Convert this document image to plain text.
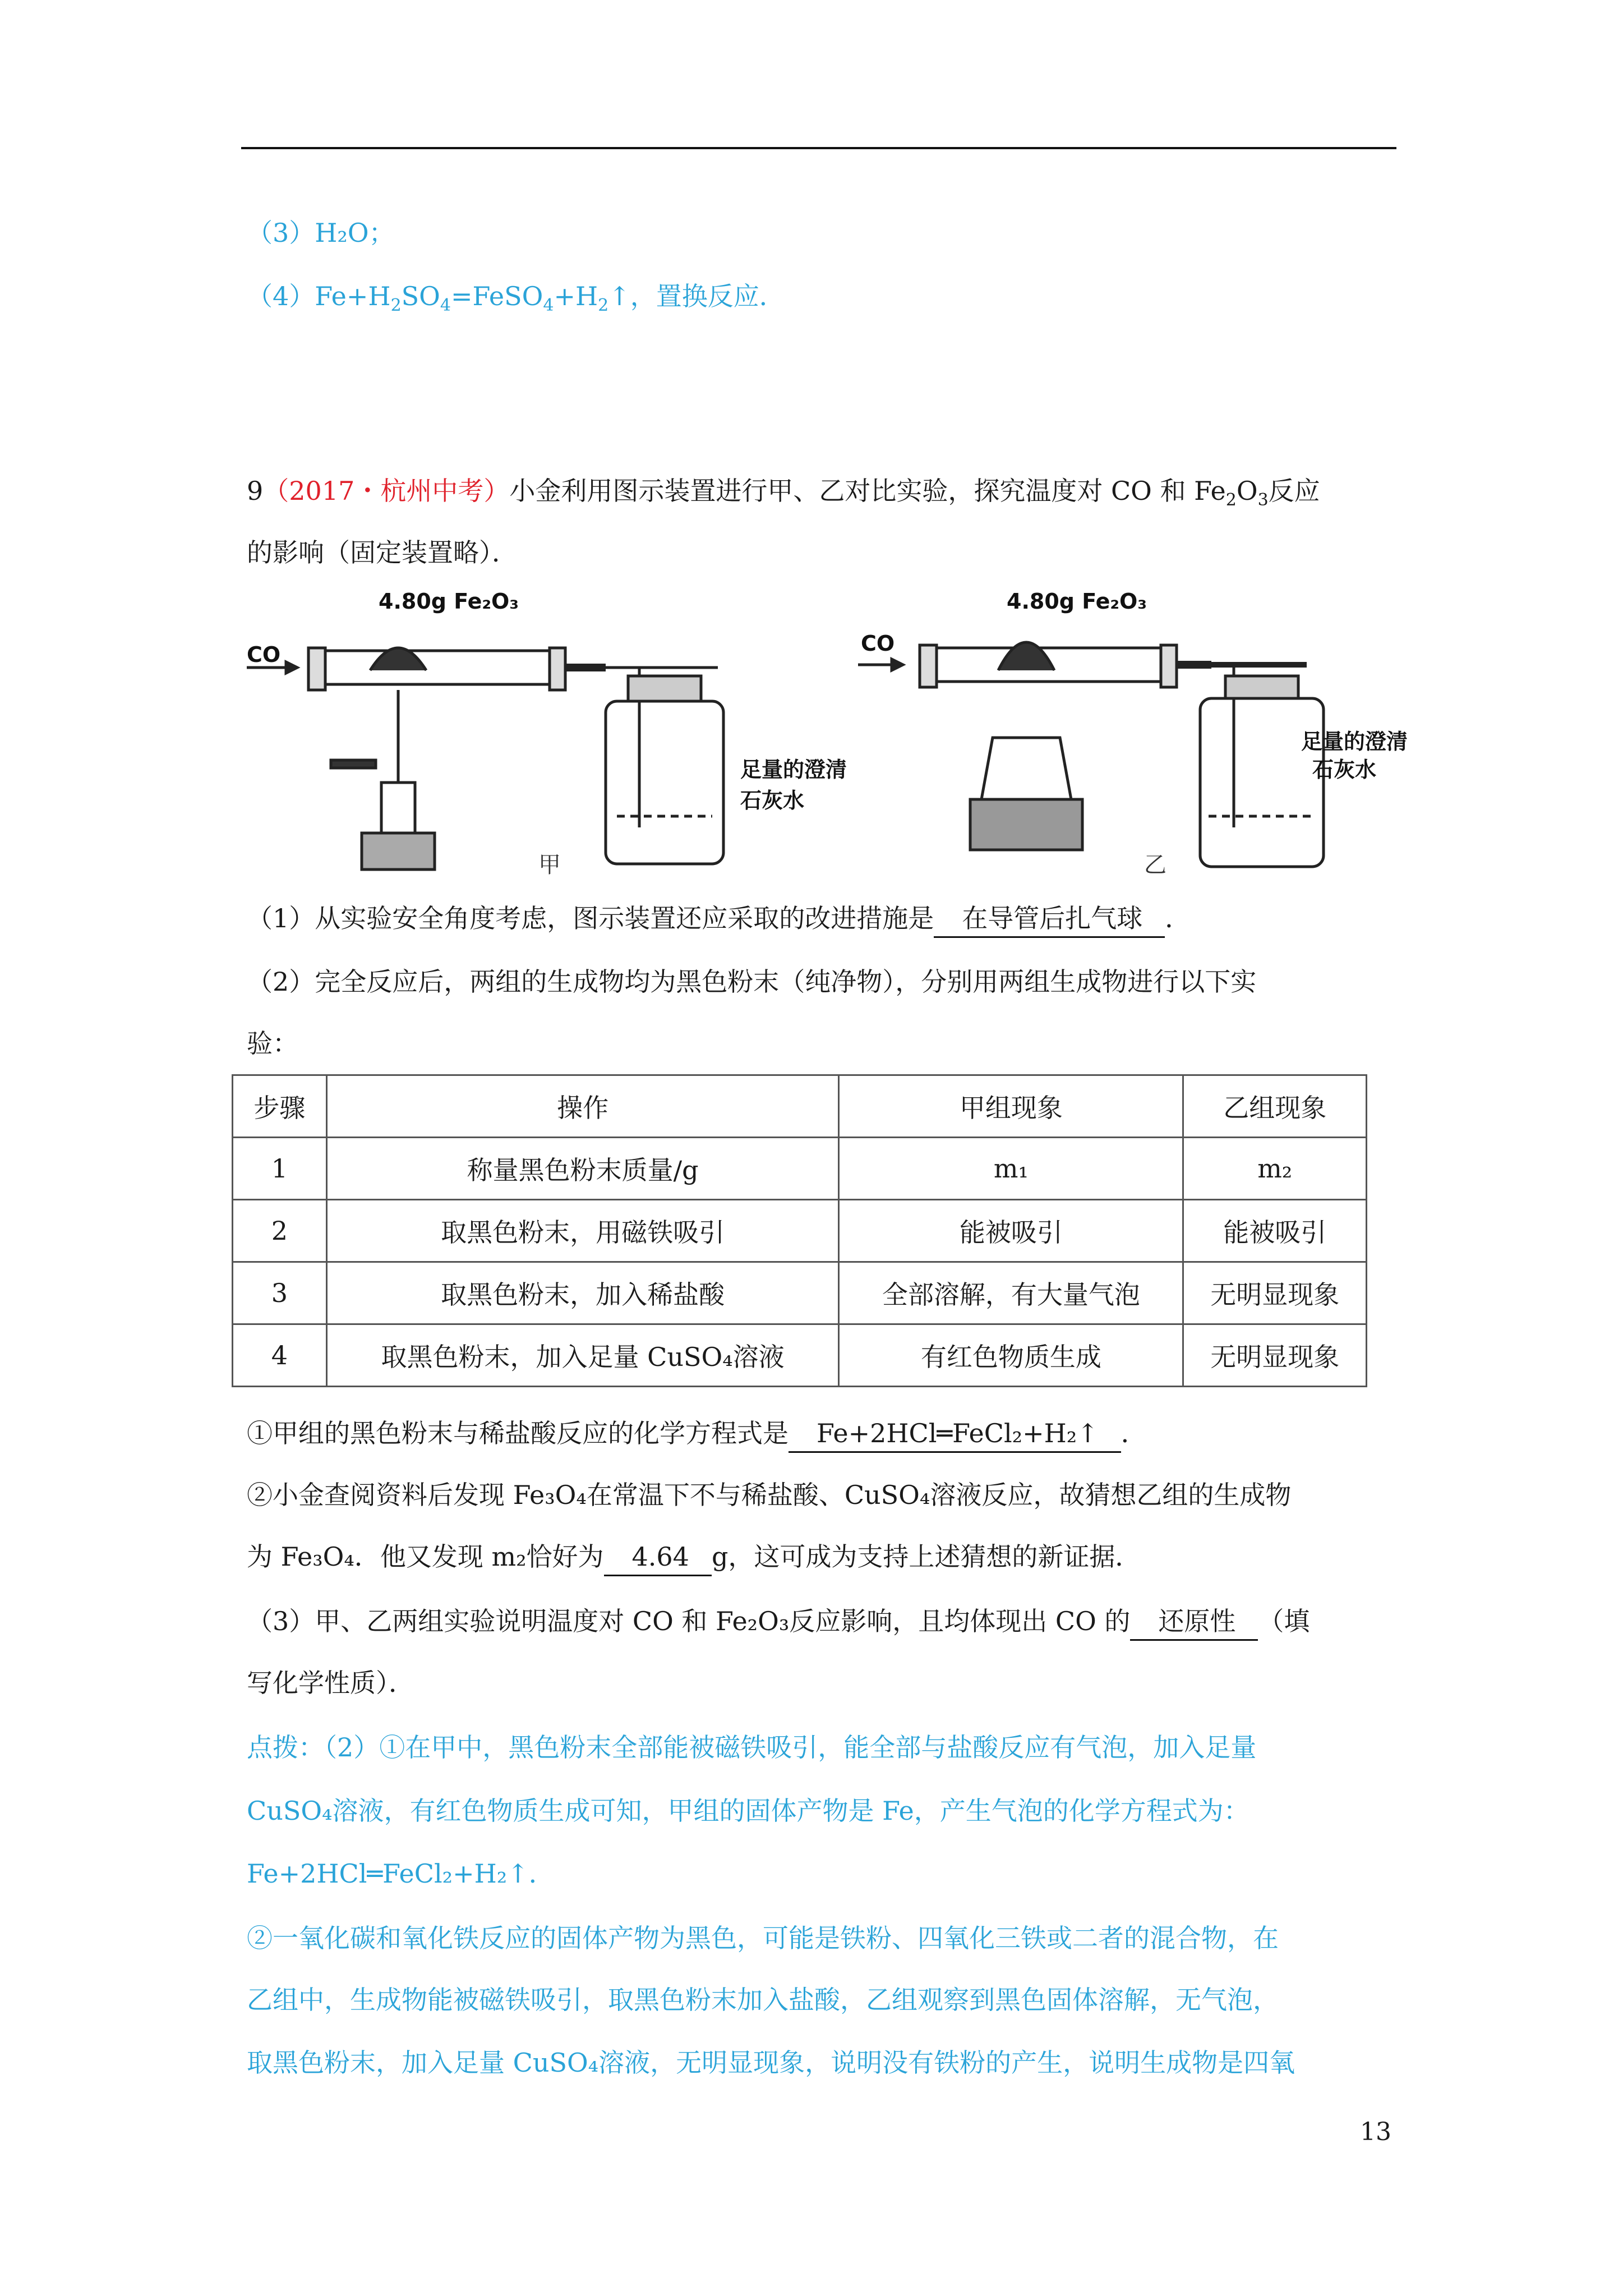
（3）H₂O；
$(4)Fe+H_2SO_4=FeSO_4+H_2↑$，置换反应．
9（2017・杭州中考）小金利用图示装置进行甲、乙对比实验，探究温度对 CO 和 $Fe_2O_3$反应
的影响（固定装置略）．
CO
4.80g Fe₂O₃
足量的澄清
石灰水
CO
4.80g Fe₂O₃
足量的澄清
石灰水
甲	乙
（1）从实验安全角度考虑，图示装置还应采取的改进措施是 在导管后扎气球 ．
（2）完全反应后，两组的生成物均为黑色粉末（纯净物），分别用两组生成物进行以下实
验：
步骤	操作	甲组现象	乙组现象
1	称量黑色粉末质量/g	m₁	m₂
2	取黑色粉末，用磁铁吸引	能被吸引	能被吸引
3	取黑色粉末，加入稀盐酸	全部溶解，有大量气泡	无明显现象
4	取黑色粉末，加入足量 CuSO₄溶液	有红色物质生成	无明显现象
①甲组的黑色粉末与稀盐酸反应的化学方程式是 Fe+2HCl═FeCl₂+H₂↑ ．
②小金查阅资料后发现 Fe₃O₄在常温下不与稀盐酸、CuSO₄溶液反应，故猜想乙组的生成物
为 Fe₃O₄．他又发现 m₂恰好为 4.64 g，这可成为支持上述猜想的新证据．
（3）甲、乙两组实验说明温度对 CO 和 Fe₂O₃反应影响，且均体现出 CO 的 还原性 （填
写化学性质）．
点拨：（2）①在甲中，黑色粉末全部能被磁铁吸引，能全部与盐酸反应有气泡，加入足量
CuSO₄溶液，有红色物质生成可知，甲组的固体产物是 Fe，产生气泡的化学方程式为：
Fe+2HCl═FeCl₂+H₂↑．
②一氧化碳和氧化铁反应的固体产物为黑色，可能是铁粉、四氧化三铁或二者的混合物，在
乙组中，生成物能被磁铁吸引，取黑色粉末加入盐酸，乙组观察到黑色固体溶解，无气泡，
取黑色粉末，加入足量 CuSO₄溶液，无明显现象，说明没有铁粉的产生，说明生成物是四氧
13
